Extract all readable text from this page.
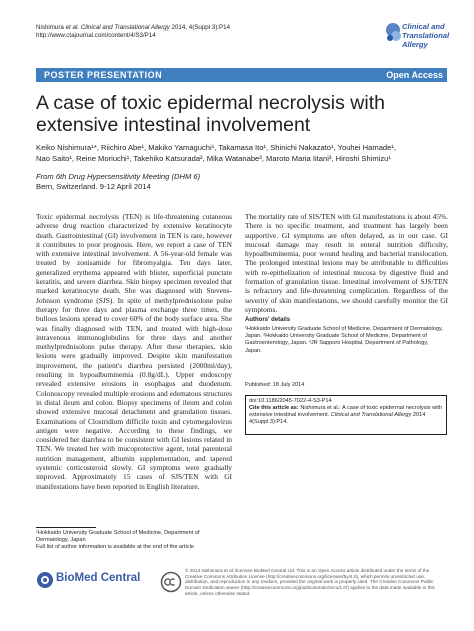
Nishimura et al. Clinical and Translational Allergy 2014, 4(Suppl 3):P14
http://www.ctajournal.com/content/4/S3/P14
Clinical and Translational Allergy
POSTER PRESENTATION	Open Access
A case of toxic epidermal necrolysis with
extensive intestinal involvement
Keiko Nishimura¹*, Riichiro Abe¹, Makiko Yamaguchi¹, Takamasa Ito¹, Shinichi Nakazato¹, Youhei Hamade¹,
Nao Saito¹, Reine Moriuchi¹, Takehiko Katsurada², Mika Watanabe³, Maroto Maria Iitani³, Hiroshi Shimizu¹
From 6th Drug Hypersensitivity Meeting (DHM 6)
Bern, Switzerland. 9-12 April 2014
Toxic epidermal necrolysis (TEN) is life-threatening cutaneous adverse drug reaction characterized by extensive keratinocyte death. Gastrointestinal (GI) involvement in TEN is rare, however it contributes to poor prognosis. Here, we report a case of TEN with extensive intestinal involvement. A 56-year-old female was treated by zonisamide for fibromyalgia. Ten days later, generalized erythema appeared with blister, superficial punctate keratitis, and severe diarrhea. Skin biopsy specimen revealed that marked keratinocyte death. She was diagnosed with Stevens-Johnson syndrome (SJS). In spite of methylprednisolone pulse therapy for three days and plasma exchange three times, the bullous lesions spread to cover 60% of the body surface area. She was finally diagnosed with TEN, and treated with high-dose intravenous immunoglobulins for three days and another methylprednisolone pulse therapy. After these therapies, skin lesions were gradually improved. Despite skin manifestation improvement, the patient's diarrhea persisted (2000ml/day), resulting in hypoalbuminemia (0.8g/dL). Upper endoscopy revealed extensive erosions in esophagus and duodenum. Colonoscopy revealed multiple erosions and edematous structures in distal ileum and colon. Biopsy specimens of ileum and colon showed extensive mucosal detachment and granulation tissues. Examinations of Clostridium difficile toxin and cytomegalovirus antigen were negative. According to these findings, we considered her diarrhea to be consistent with GI lesions related in TEN. We treated her with mucoprotective agent, total parenteral nutrition management, albumin supplementation, and tapered systemic corticosteroid slowly. GI symptoms were gradually improved. Approximately 15 cases of SJS/TEN with GI manifestations have been reported in English literature.
The mortality rate of SIS/TEN with GI manifestations is about 45%. There is no specific treatment, and treatment has largely been supportive. GI symptoms are often delayed, as in our case. GI mucosal damage may result in enteral nutrition difficulty, hypoalbuminemia, poor wound healing and bacterial translocation. The prolonged intestinal lesions may be attributable to difficulties with re-epithelization of intestinal mucosa by digestive fluid and formation of granulation tissue. Intestinal involvement of SJS/TEN is refractory and life-threatening complication. Regardless of the severity of skin manifestations, we should carefully monitor the GI symptoms.
Authors' details
¹Hokkaido University Graduate School of Medicine, Department of Dermatology, Japan. ²Hokkaido University Graduate School of Medicine, Department of Gastroenterology, Japan. ³JR Sapporo Hospital, Department of Pathology, Japan.
Published: 18 July 2014
doi:10.1186/2045-7022-4-S3-P14
Cite this article as: Nishimura et al.: A case of toxic epidermal necrolysis with extensive intestinal involvement. Clinical and Translational Allergy 2014 4(Suppl 3):P14.
¹Hokkaido University Graduate School of Medicine, Department of
Dermatology, Japan
Full list of author information is available at the end of the article
BioMed Central
© 2014 Nishimura et al; licensee BioMed Central Ltd. This is an Open Access article distributed under the terms of the Creative Commons Attribution License (http://creativecommons.org/licenses/by/4.0), which permits unrestricted use, distribution, and reproduction in any medium, provided the original work is properly cited. The Creative Commons Public Domain Dedication waiver (http://creativecommons.org/publicdomain/zero/1.0/) applies to the data made available in this article, unless otherwise stated.
